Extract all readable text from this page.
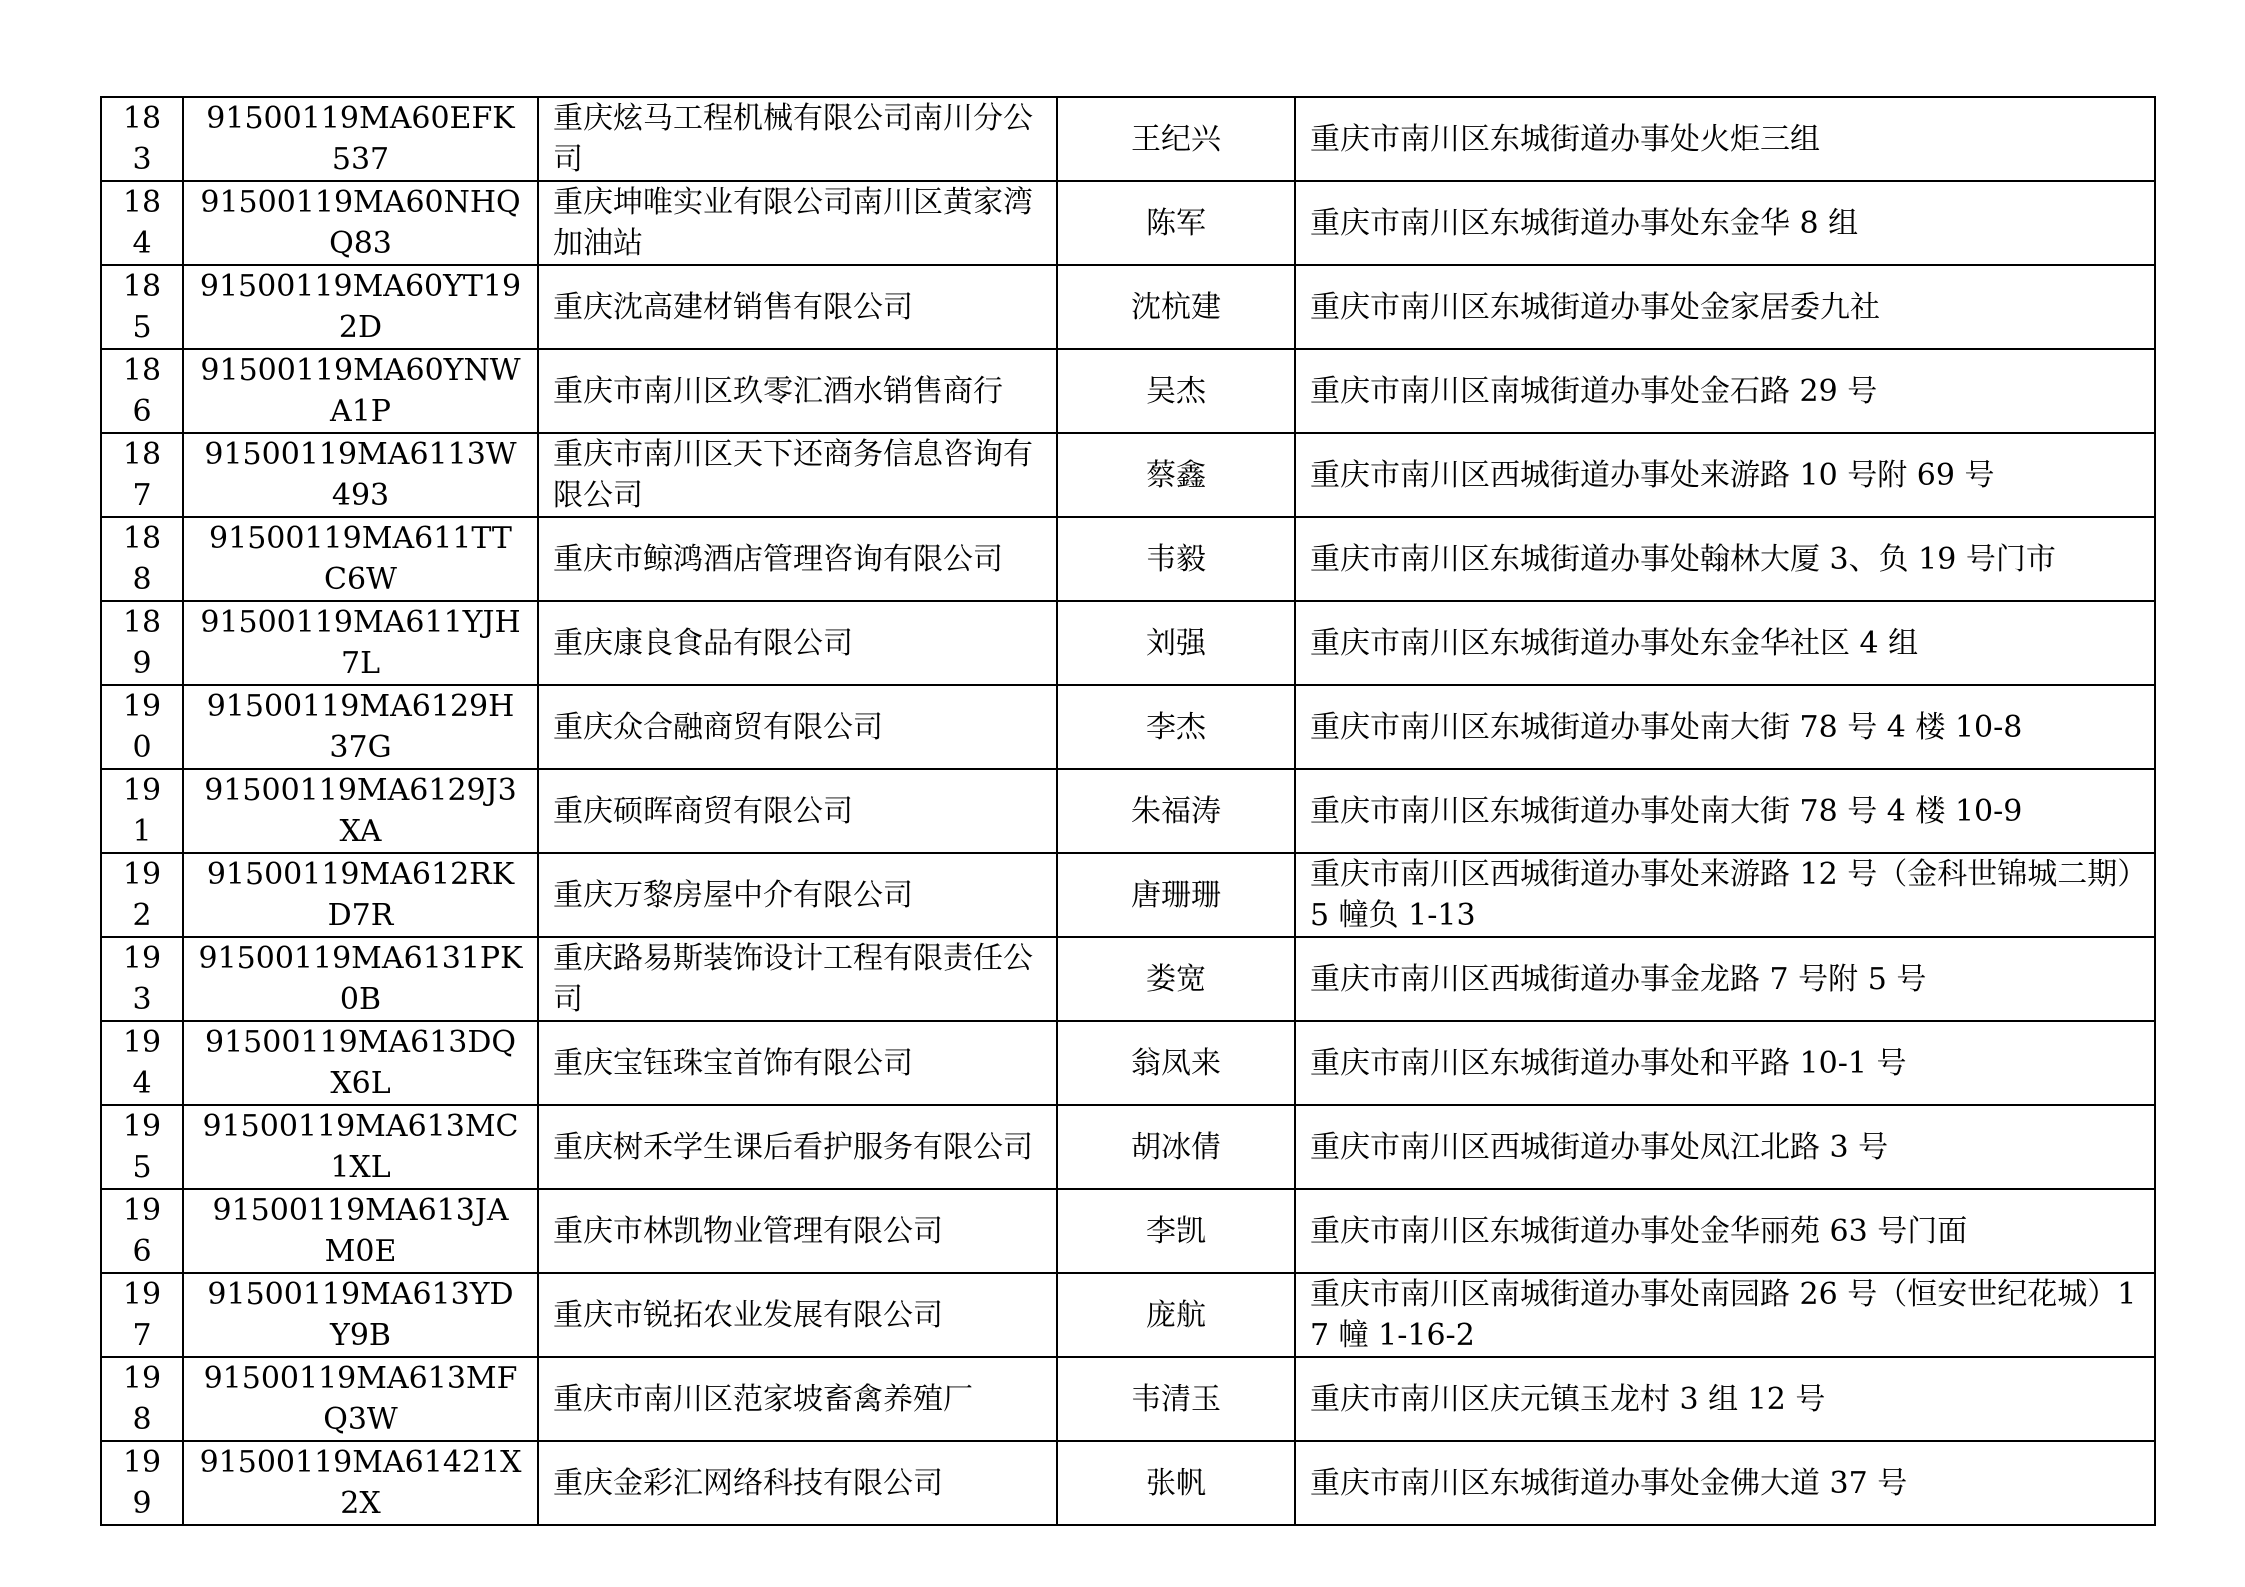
183	91500119MA60EFK537	重庆炫马工程机械有限公司南川分公司	王纪兴	重庆市南川区东城街道办事处火炬三组
184	91500119MA60NHQQ83	重庆坤唯实业有限公司南川区黄家湾加油站	陈军	重庆市南川区东城街道办事处东金华 8 组
185	91500119MA60YT192D	重庆沈高建材销售有限公司	沈杭建	重庆市南川区东城街道办事处金家居委九社
186	91500119MA60YNWA1P	重庆市南川区玖零汇酒水销售商行	吴杰	重庆市南川区南城街道办事处金石路 29 号
187	91500119MA6113W493	重庆市南川区天下还商务信息咨询有限公司	蔡鑫	重庆市南川区西城街道办事处来游路 10 号附 69 号
188	91500119MA611TTC6W	重庆市鲸鸿酒店管理咨询有限公司	韦毅	重庆市南川区东城街道办事处翰林大厦 3、负 19 号门市
189	91500119MA611YJH7L	重庆康良食品有限公司	刘强	重庆市南川区东城街道办事处东金华社区 4 组
190	91500119MA6129H37G	重庆众合融商贸有限公司	李杰	重庆市南川区东城街道办事处南大街 78 号 4 楼 10-8
191	91500119MA6129J3XA	重庆硕晖商贸有限公司	朱福涛	重庆市南川区东城街道办事处南大街 78 号 4 楼 10-9
192	91500119MA612RKD7R	重庆万黎房屋中介有限公司	唐珊珊	重庆市南川区西城街道办事处来游路 12 号（金科世锦城二期）5 幢负 1-13
193	91500119MA6131PK0B	重庆路易斯装饰设计工程有限责任公司	娄宽	重庆市南川区西城街道办事金龙路 7 号附 5 号
194	91500119MA613DQX6L	重庆宝钰珠宝首饰有限公司	翁凤来	重庆市南川区东城街道办事处和平路 10-1 号
195	91500119MA613MC1XL	重庆树禾学生课后看护服务有限公司	胡冰倩	重庆市南川区西城街道办事处凤江北路 3 号
196	91500119MA613JAM0E	重庆市林凯物业管理有限公司	李凯	重庆市南川区东城街道办事处金华丽苑 63 号门面
197	91500119MA613YDY9B	重庆市锐拓农业发展有限公司	庞航	重庆市南川区南城街道办事处南园路 26 号（恒安世纪花城）17 幢 1-16-2
198	91500119MA613MFQ3W	重庆市南川区范家坡畜禽养殖厂	韦清玉	重庆市南川区庆元镇玉龙村 3 组 12 号
199	91500119MA61421X2X	重庆金彩汇网络科技有限公司	张帆	重庆市南川区东城街道办事处金佛大道 37 号
